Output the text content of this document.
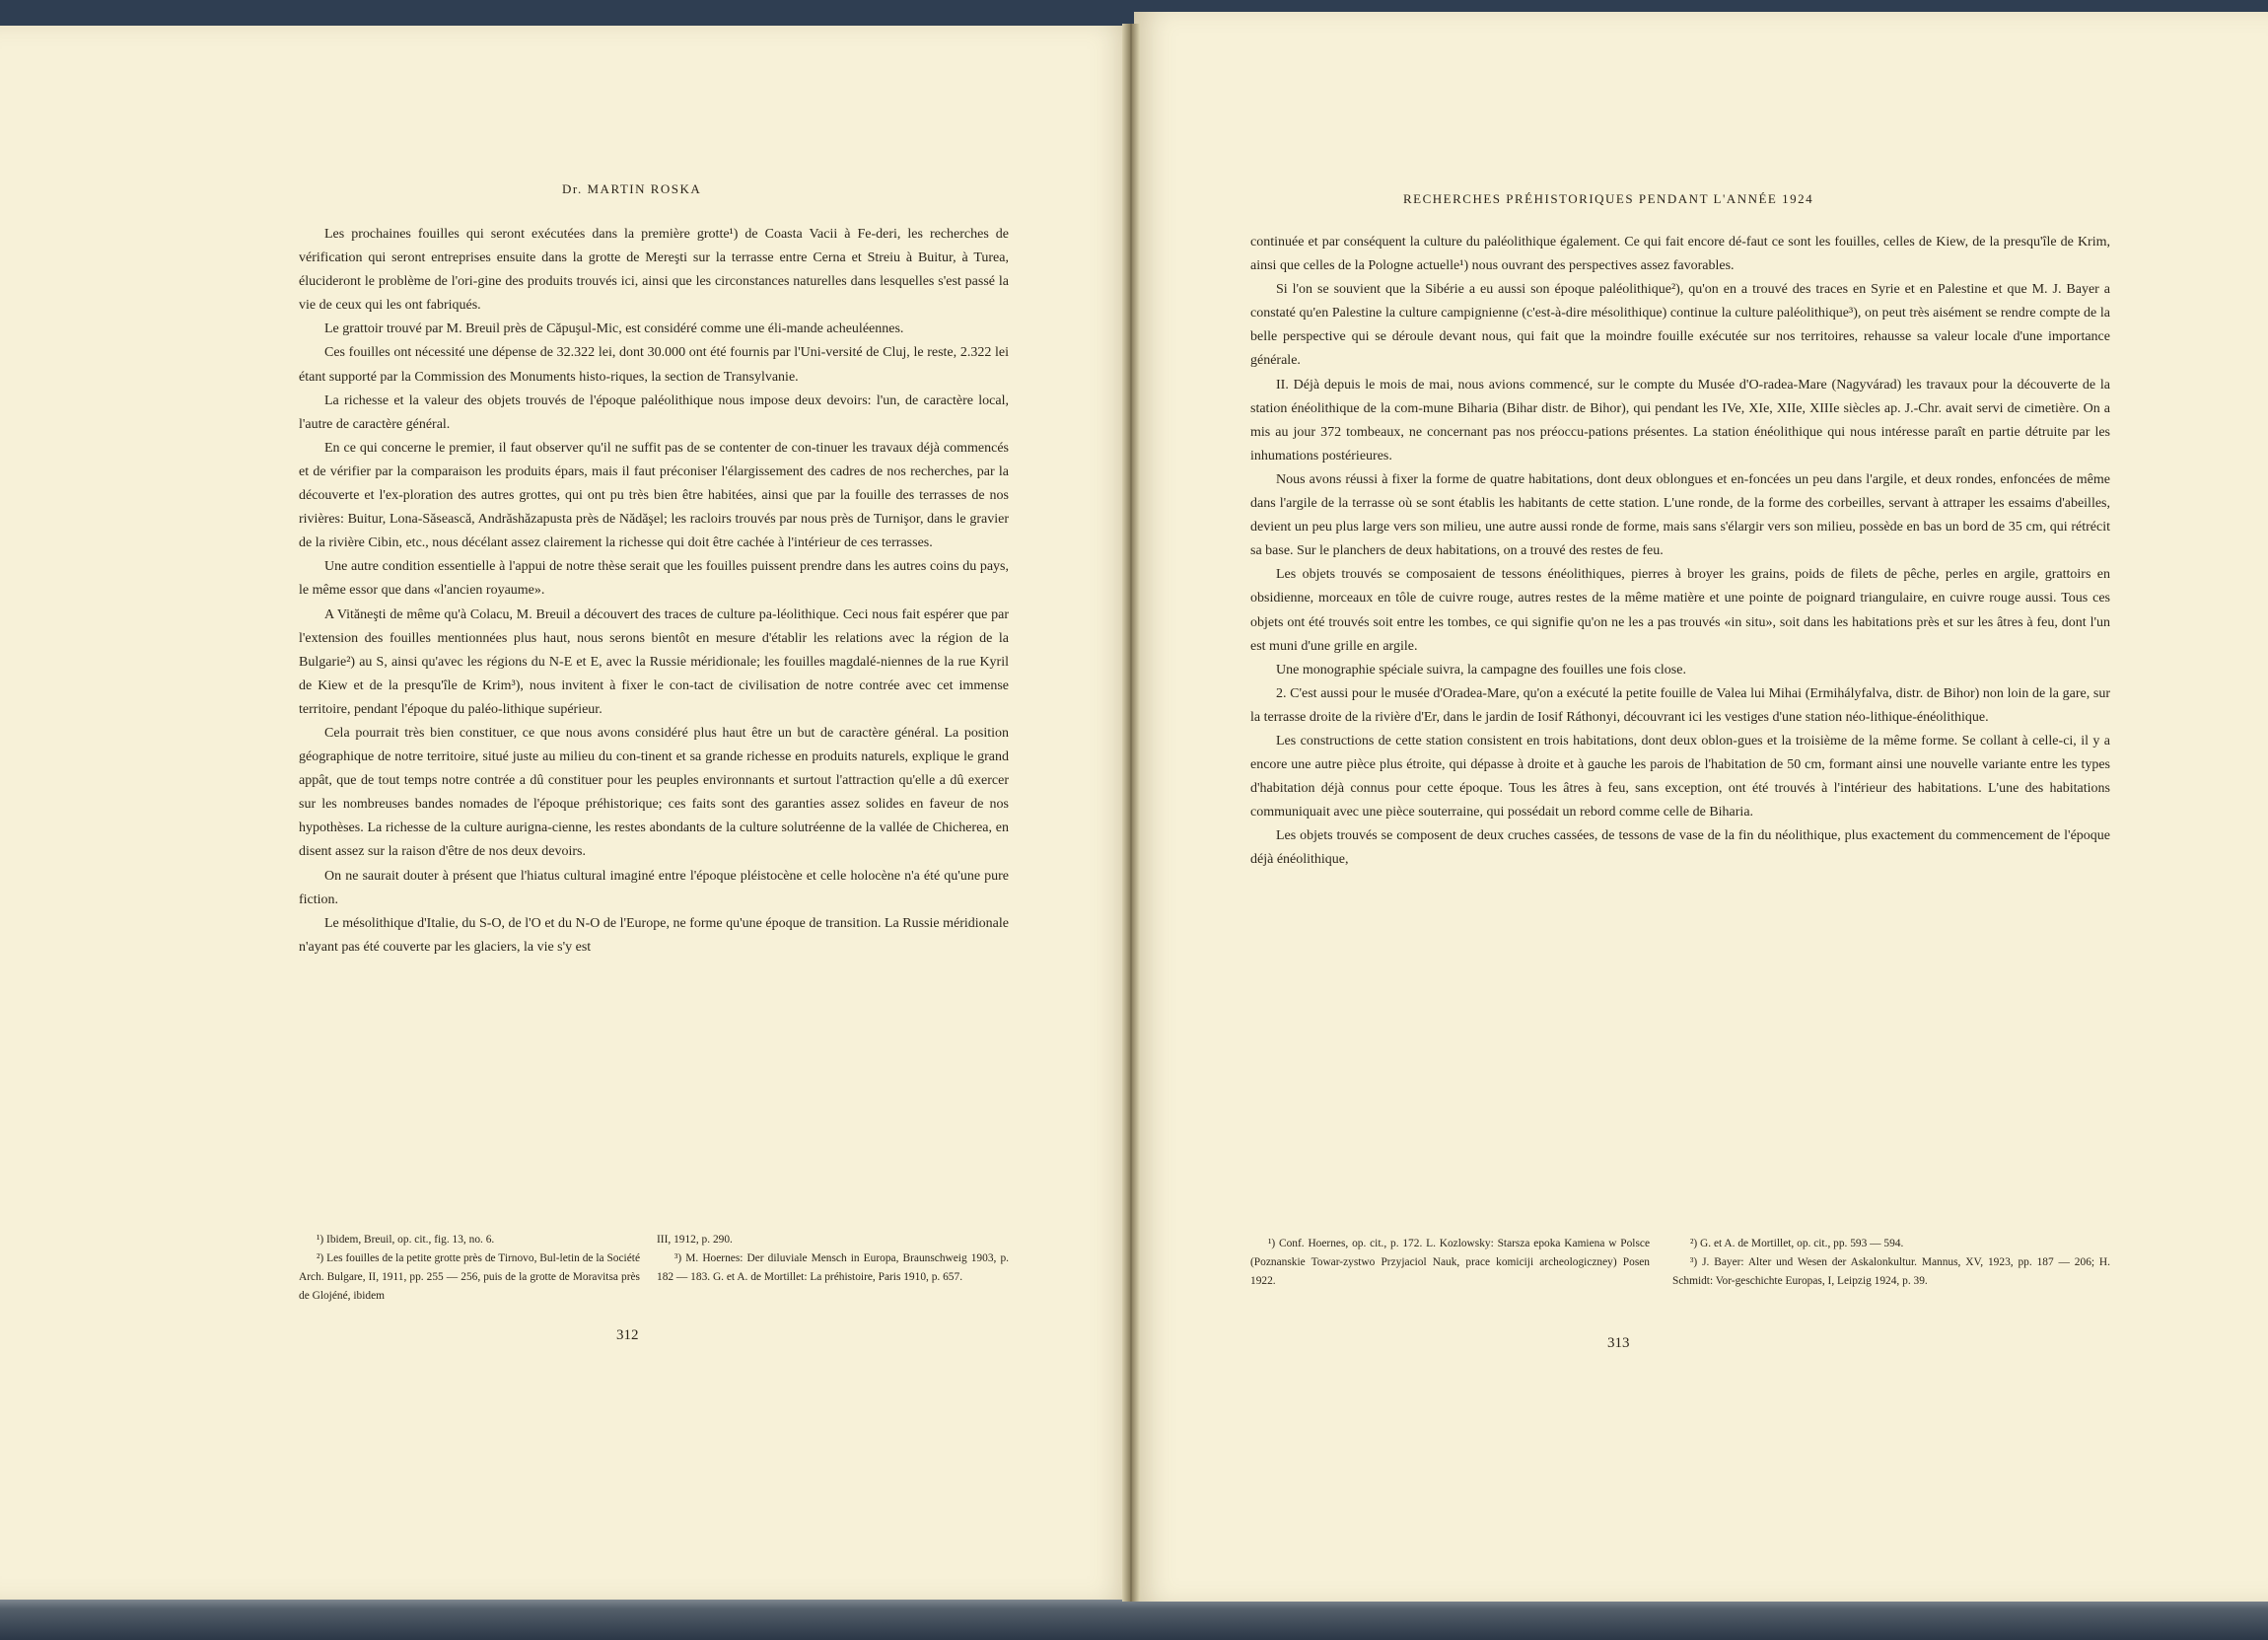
Dr. MARTIN ROSKA

Les prochaines fouilles qui seront exécutées dans la première grotte¹) de Coasta Vacii à Fe-deri, les recherches de vérification qui seront entreprises ensuite dans la grotte de Mereşti sur la terrasse entre Cerna et Streiu à Buitur, à Turea, élucideront le problème de l'ori-gine des produits trouvés ici, ainsi que les circonstances naturelles dans lesquelles s'est passé la vie de ceux qui les ont fabriqués.

Le grattoir trouvé par M. Breuil près de Căpuşul-Mic, est considéré comme une éli-mande acheuléennes.

Ces fouilles ont nécessité une dépense de 32.322 lei, dont 30.000 ont été fournis par l'Uni-versité de Cluj, le reste, 2.322 lei étant supporté par la Commission des Monuments histo-riques, la section de Transylvanie.

La richesse et la valeur des objets trouvés de l'époque paléolithique nous impose deux devoirs: l'un, de caractère local, l'autre de caractère général.

En ce qui concerne le premier, il faut observer qu'il ne suffit pas de se contenter de con-tinuer les travaux déjà commencés et de vérifier par la comparaison les produits épars, mais il faut préconiser l'élargissement des cadres de nos recherches, par la découverte et l'ex-ploration des autres grottes, qui ont pu très bien être habitées, ainsi que par la fouille des terrasses de nos rivières: Buitur, Lona-Săsească, Andrăshăzapusta près de Nădăşel; les racloirs trouvés par nous près de Turnişor, dans le gravier de la rivière Cibin, etc., nous décélant assez clairement la richesse qui doit être cachée à l'intérieur de ces terrasses.

Une autre condition essentielle à l'appui de notre thèse serait que les fouilles puissent prendre dans les autres coins du pays, le même essor que dans «l'ancien royaume».

A Vităneşti de même qu'à Colacu, M. Breuil a découvert des traces de culture pa-léolithique. Ceci nous fait espérer que par l'extension des fouilles mentionnées plus haut, nous serons bientôt en mesure d'établir les relations avec la région de la Bulgarie²) au S, ainsi qu'avec les régions du N-E et E, avec la Russie méridionale; les fouilles magdalé-niennes de la rue Kyril de Kiew et de la presqu'île de Krim³), nous invitent à fixer le con-tact de civilisation de notre contrée avec cet immense territoire, pendant l'époque du paléo-lithique supérieur.

Cela pourrait très bien constituer, ce que nous avons considéré plus haut être un but de caractère général. La position géographique de notre territoire, situé juste au milieu du con-tinent et sa grande richesse en produits naturels, explique le grand appât, que de tout temps notre contrée a dû constituer pour les peuples environnants et surtout l'attraction qu'elle a dû exercer sur les nombreuses bandes nomades de l'époque préhistorique; ces faits sont des garanties assez solides en faveur de nos hypothèses. La richesse de la culture aurigna-cienne, les restes abondants de la culture solutréenne de la vallée de Chicherea, en disent assez sur la raison d'être de nos deux devoirs.

On ne saurait douter à présent que l'hiatus cultural imaginé entre l'époque pléistocène et celle holocène n'a été qu'une pure fiction.

Le mésolithique d'Italie, du S-O, de l'O et du N-O de l'Europe, ne forme qu'une époque de transition. La Russie méridionale n'ayant pas été couverte par les glaciers, la vie s'y est

¹) Ibidem, Breuil, op. cit., fig. 13, no. 6.

²) Les fouilles de la petite grotte près de Tirnovo, Bul-letin de la Société Arch. Bulgare, II, 1911, pp. 255 — 256, puis de la grotte de Moravitsa près de Glojéné, ibidem

III, 1912, p. 290.

³) M. Hoernes: Der diluviale Mensch in Europa, Braunschweig 1903, p. 182 — 183. G. et A. de Mortillet: La préhistoire, Paris 1910, p. 657.

312
RECHERCHES PRÉHISTORIQUES PENDANT L'ANNÉE 1924

continuée et par conséquent la culture du paléolithique également. Ce qui fait encore dé-faut ce sont les fouilles, celles de Kiew, de la presqu'île de Krim, ainsi que celles de la Pologne actuelle¹) nous ouvrant des perspectives assez favorables.

Si l'on se souvient que la Sibérie a eu aussi son époque paléolithique²), qu'on en a trouvé des traces en Syrie et en Palestine et que M. J. Bayer a constaté qu'en Palestine la culture campignienne (c'est-à-dire mésolithique) continue la culture paléolithique³), on peut très aisément se rendre compte de la belle perspective qui se déroule devant nous, qui fait que la moindre fouille exécutée sur nos territoires, rehausse sa valeur locale d'une importance générale.

II. Déjà depuis le mois de mai, nous avions commencé, sur le compte du Musée d'O-radea-Mare (Nagyvárad) les travaux pour la découverte de la station énéolithique de la com-mune Biharia (Bihar distr. de Bihor), qui pendant les IVe, XIe, XIIe, XIIIe siècles ap. J.-Chr. avait servi de cimetière. On a mis au jour 372 tombeaux, ne concernant pas nos préoccu-pations présentes. La station énéolithique qui nous intéresse paraît en partie détruite par les inhumations postérieures.

Nous avons réussi à fixer la forme de quatre habitations, dont deux oblongues et en-foncées un peu dans l'argile, et deux rondes, enfoncées de même dans l'argile de la terrasse où se sont établis les habitants de cette station. L'une ronde, de la forme des corbeilles, servant à attraper les essaims d'abeilles, devient un peu plus large vers son milieu, une autre aussi ronde de forme, mais sans s'élargir vers son milieu, possède en bas un bord de 35 cm, qui rétrécit sa base. Sur le planchers de deux habitations, on a trouvé des restes de feu.

Les objets trouvés se composaient de tessons énéolithiques, pierres à broyer les grains, poids de filets de pêche, perles en argile, grattoirs en obsidienne, morceaux en tôle de cuivre rouge, autres restes de la même matière et une pointe de poignard triangulaire, en cuivre rouge aussi. Tous ces objets ont été trouvés soit entre les tombes, ce qui signifie qu'on ne les a pas trouvés «in situ», soit dans les habitations près et sur les âtres à feu, dont l'un est muni d'une grille en argile.

Une monographie spéciale suivra, la campagne des fouilles une fois close.

2. C'est aussi pour le musée d'Oradea-Mare, qu'on a exécuté la petite fouille de Valea lui Mihai (Ermihályfalva, distr. de Bihor) non loin de la gare, sur la terrasse droite de la rivière d'Er, dans le jardin de Iosif Ráthonyi, découvrant ici les vestiges d'une station néo-lithique-énéolithique.

Les constructions de cette station consistent en trois habitations, dont deux oblon-gues et la troisième de la même forme. Se collant à celle-ci, il y a encore une autre pièce plus étroite, qui dépasse à droite et à gauche les parois de l'habitation de 50 cm, formant ainsi une nouvelle variante entre les types d'habitation déjà connus pour cette époque. Tous les âtres à feu, sans exception, ont été trouvés à l'intérieur des habitations. L'une des habitations communiquait avec une pièce souterraine, qui possédait un rebord comme celle de Biharia.

Les objets trouvés se composent de deux cruches cassées, de tessons de vase de la fin du néolithique, plus exactement du commencement de l'époque déjà énéolithique,

¹) Conf. Hoernes, op. cit., p. 172. L. Kozlowsky: Starsza epoka Kamiena w Polsce (Poznanskie Towar-zystwo Przyjaciol Nauk, prace komiciji archeologiczney) Posen 1922.

²) G. et A. de Mortillet, op. cit., pp. 593 — 594.

³) J. Bayer: Alter und Wesen der Askalonkultur. Mannus, XV, 1923, pp. 187 — 206; H. Schmidt: Vor-geschichte Europas, I, Leipzig 1924, p. 39.

313
